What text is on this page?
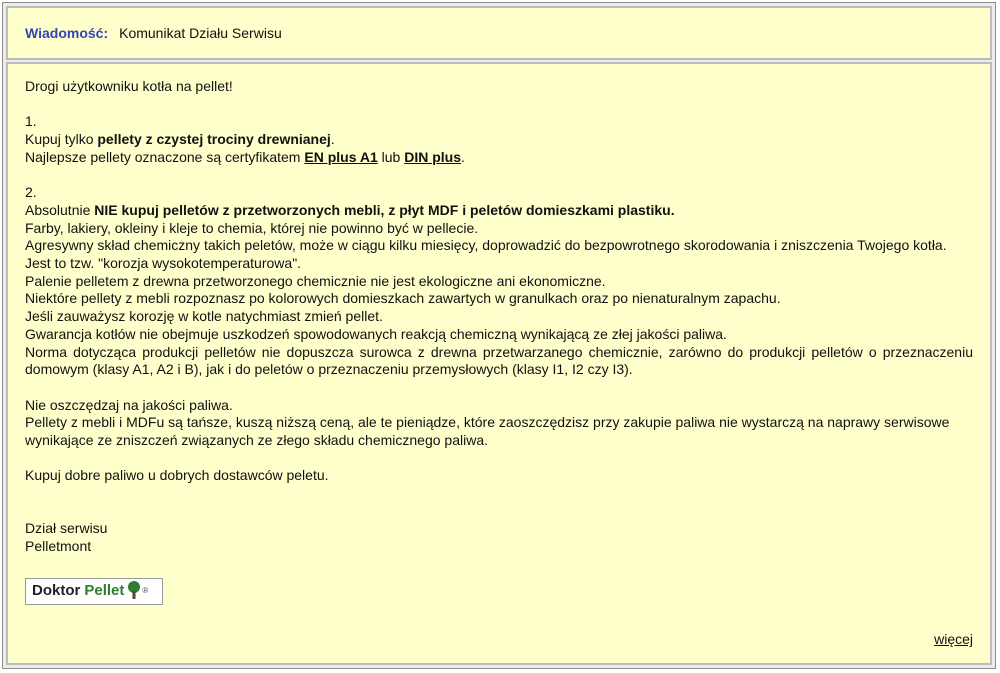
Wiadomość: Komunikat Działu Serwisu

Drogi użytkowniku kotła na pellet!

1.

Kupuj tylko pellety z czystej trociny drewnianej.

Najlepsze pellety oznaczone są certyfikatem EN plus A1 lub DIN plus.

2.

Absolutnie NIE kupuj pelletów z przetworzonych mebli, z płyt MDF i peletów domieszkami plastiku.

Farby, lakiery, okleiny i kleje to chemia, której nie powinno być w pellecie.

Agresywny skład chemiczny takich peletów, może w ciągu kilku miesięcy, doprowadzić do bezpowrotnego skorodowania i zniszczenia Twojego kotła.

Jest to tzw. "korozja wysokotemperaturowa".

Palenie pelletem z drewna przetworzonego chemicznie nie jest ekologiczne ani ekonomiczne.

Niektóre pellety z mebli rozpoznasz po kolorowych domieszkach zawartych w granulkach oraz po nienaturalnym zapachu.

Jeśli zauważysz korozję w kotle natychmiast zmień pellet.

Gwarancja kotłów nie obejmuje uszkodzeń spowodowanych reakcją chemiczną wynikającą ze złej jakości paliwa.

Norma dotycząca produkcji pelletów nie dopuszcza surowca z drewna przetwarzanego chemicznie, zarówno do produkcji pelletów o przeznaczeniu domowym (klasy A1, A2 i B), jak i do peletów o przeznaczeniu przemysłowych (klasy I1, I2 czy I3).

Nie oszczędzaj na jakości paliwa.

Pellety z mebli i MDFu są tańsze, kuszą niższą ceną, ale te pieniądze, które zaoszczędzisz przy zakupie paliwa nie wystarczą na naprawy serwisowe wynikające ze zniszczeń związanych ze złego składu chemicznego paliwa.

Kupuj dobre paliwo u dobrych dostawców peletu.

Dział serwisu

Pelletmont

Doktor Pellet ®
więcej
